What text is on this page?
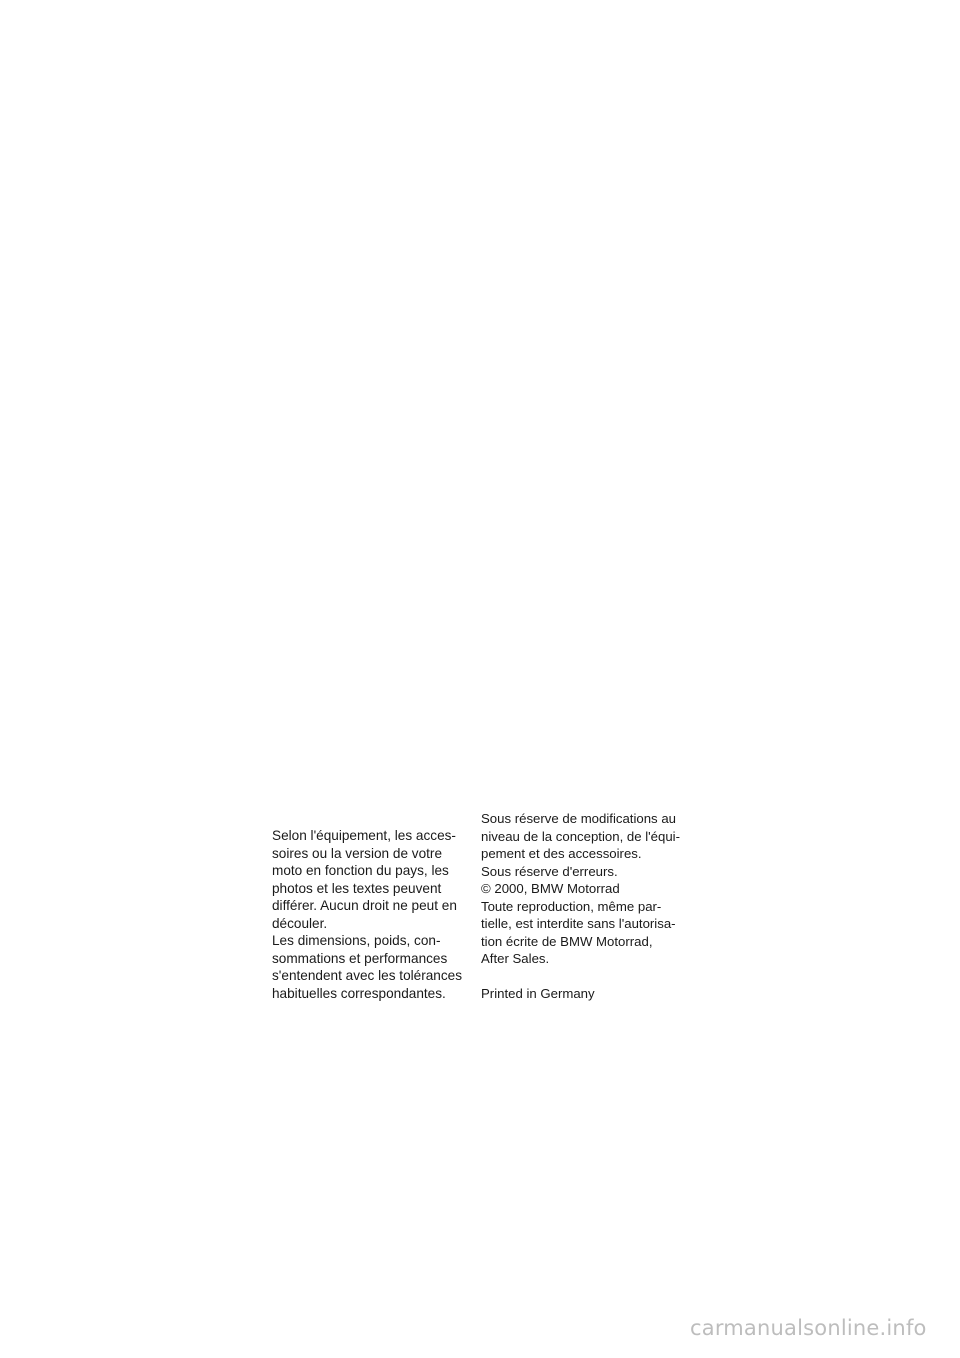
Selon l'équipement, les acces-
soires ou la version de votre
moto en fonction du pays, les
photos et les textes peuvent
différer. Aucun droit ne peut en
découler.
Les dimensions, poids, con-
sommations et performances
s'entendent avec les tolérances
habituelles correspondantes.
Sous réserve de modifications au
niveau de la conception, de l'équi-
pement et des accessoires.
Sous réserve d'erreurs.
© 2000, BMW Motorrad
Toute reproduction, même par-
tielle, est interdite sans l'autorisa-
tion écrite de BMW Motorrad,
After Sales.
Printed in Germany
carmanualsonline.info
